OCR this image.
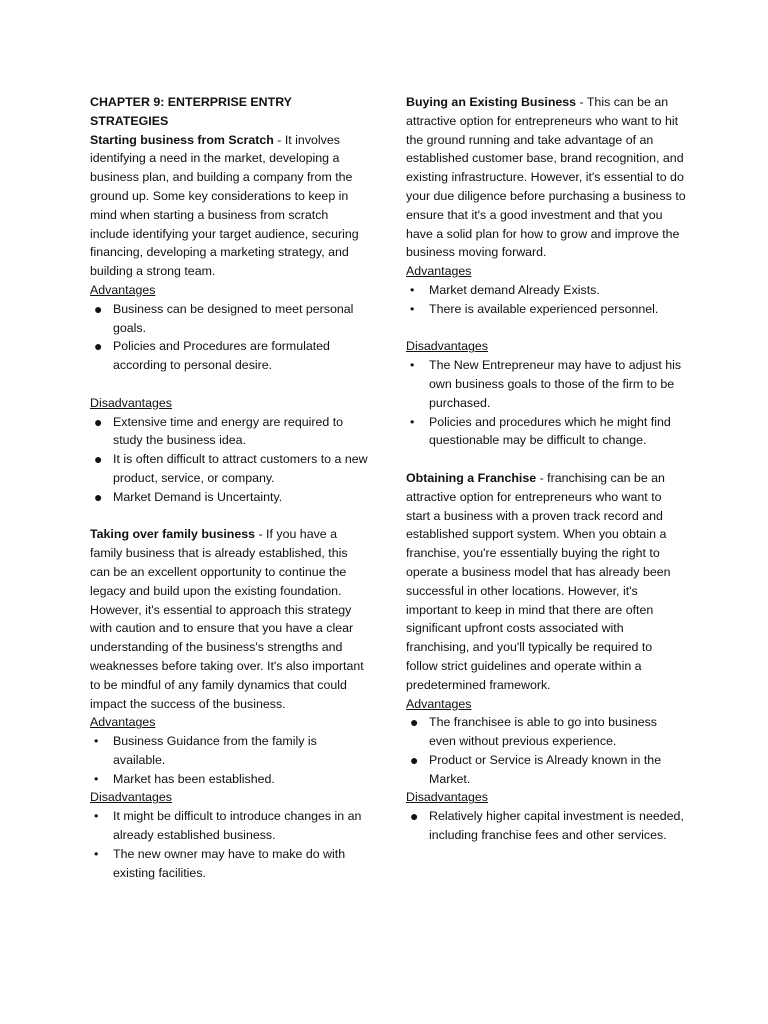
CHAPTER 9: ENTERPRISE ENTRY STRATEGIES

Starting business from Scratch - It involves identifying a need in the market, developing a business plan, and building a company from the ground up. Some key considerations to keep in mind when starting a business from scratch include identifying your target audience, securing financing, developing a marketing strategy, and building a strong team.

Advantages

● Business can be designed to meet personal goals.
● Policies and Procedures are formulated according to personal desire.

Disadvantages

● Extensive time and energy are required to study the business idea.
● It is often difficult to attract customers to a new product, service, or company.
● Market Demand is Uncertainty.

Taking over family business - If you have a family business that is already established, this can be an excellent opportunity to continue the legacy and build upon the existing foundation. However, it's essential to approach this strategy with caution and to ensure that you have a clear understanding of the business's strengths and weaknesses before taking over. It's also important to be mindful of any family dynamics that could impact the success of the business.

Advantages

• Business Guidance from the family is available.
• Market has been established.

Disadvantages

• It might be difficult to introduce changes in an already established business.
• The new owner may have to make do with existing facilities.

Buying an Existing Business - This can be an attractive option for entrepreneurs who want to hit the ground running and take advantage of an established customer base, brand recognition, and existing infrastructure. However, it's essential to do your due diligence before purchasing a business to ensure that it's a good investment and that you have a solid plan for how to grow and improve the business moving forward.

Advantages

• Market demand Already Exists.
• There is available experienced personnel.

Disadvantages

• The New Entrepreneur may have to adjust his own business goals to those of the firm to be purchased.
• Policies and procedures which he might find questionable may be difficult to change.

Obtaining a Franchise - franchising can be an attractive option for entrepreneurs who want to start a business with a proven track record and established support system. When you obtain a franchise, you're essentially buying the right to operate a business model that has already been successful in other locations. However, it's important to keep in mind that there are often significant upfront costs associated with franchising, and you'll typically be required to follow strict guidelines and operate within a predetermined framework.

Advantages

● The franchisee is able to go into business even without previous experience.
● Product or Service is Already known in the Market.

Disadvantages

● Relatively higher capital investment is needed, including franchise fees and other services.
